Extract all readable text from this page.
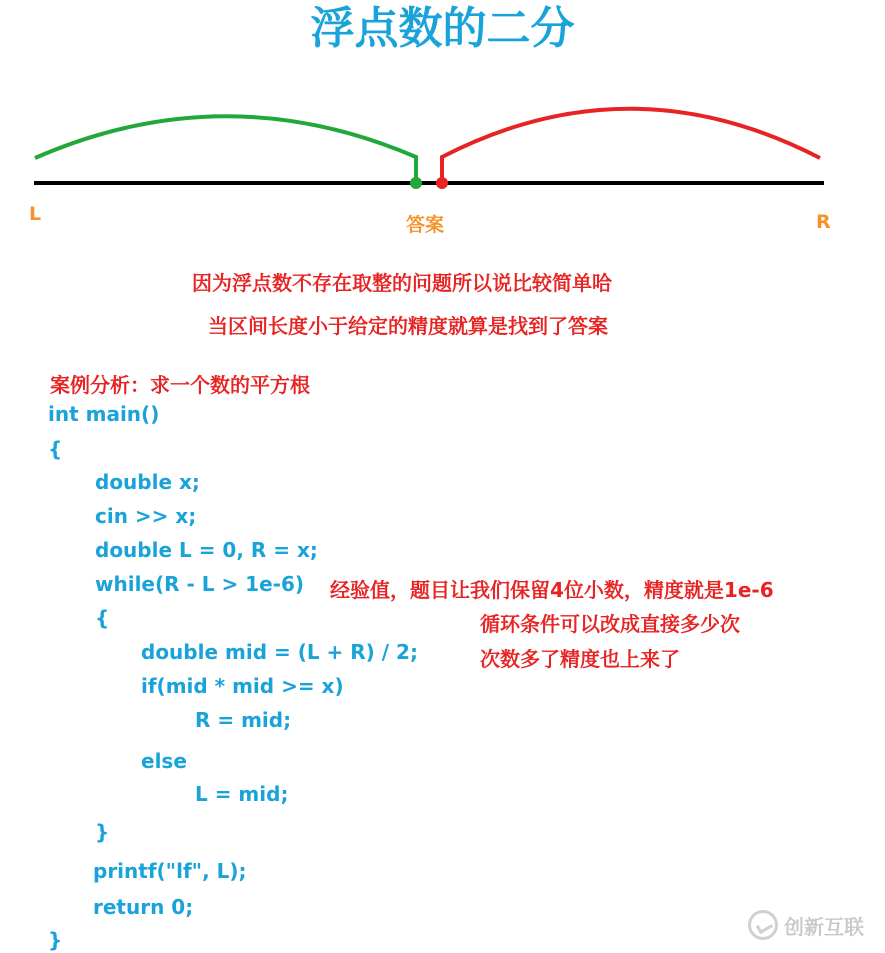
浮点数的二分
L	答案	R
因为浮点数不存在取整的问题所以说比较简单哈
当区间长度小于给定的精度就算是找到了答案
案例分析：求一个数的平方根
int main()
{
double x;
cin >> x;
double L = 0, R = x;
while(R - L > 1e-6)
{
double mid = (L + R) / 2;
if(mid * mid >= x)
R = mid;
else
L = mid;
}
printf("lf", L);
return 0;
}
经验值，题目让我们保留4位小数，精度就是1e-6
循环条件可以改成直接多少次
次数多了精度也上来了
创新互联
